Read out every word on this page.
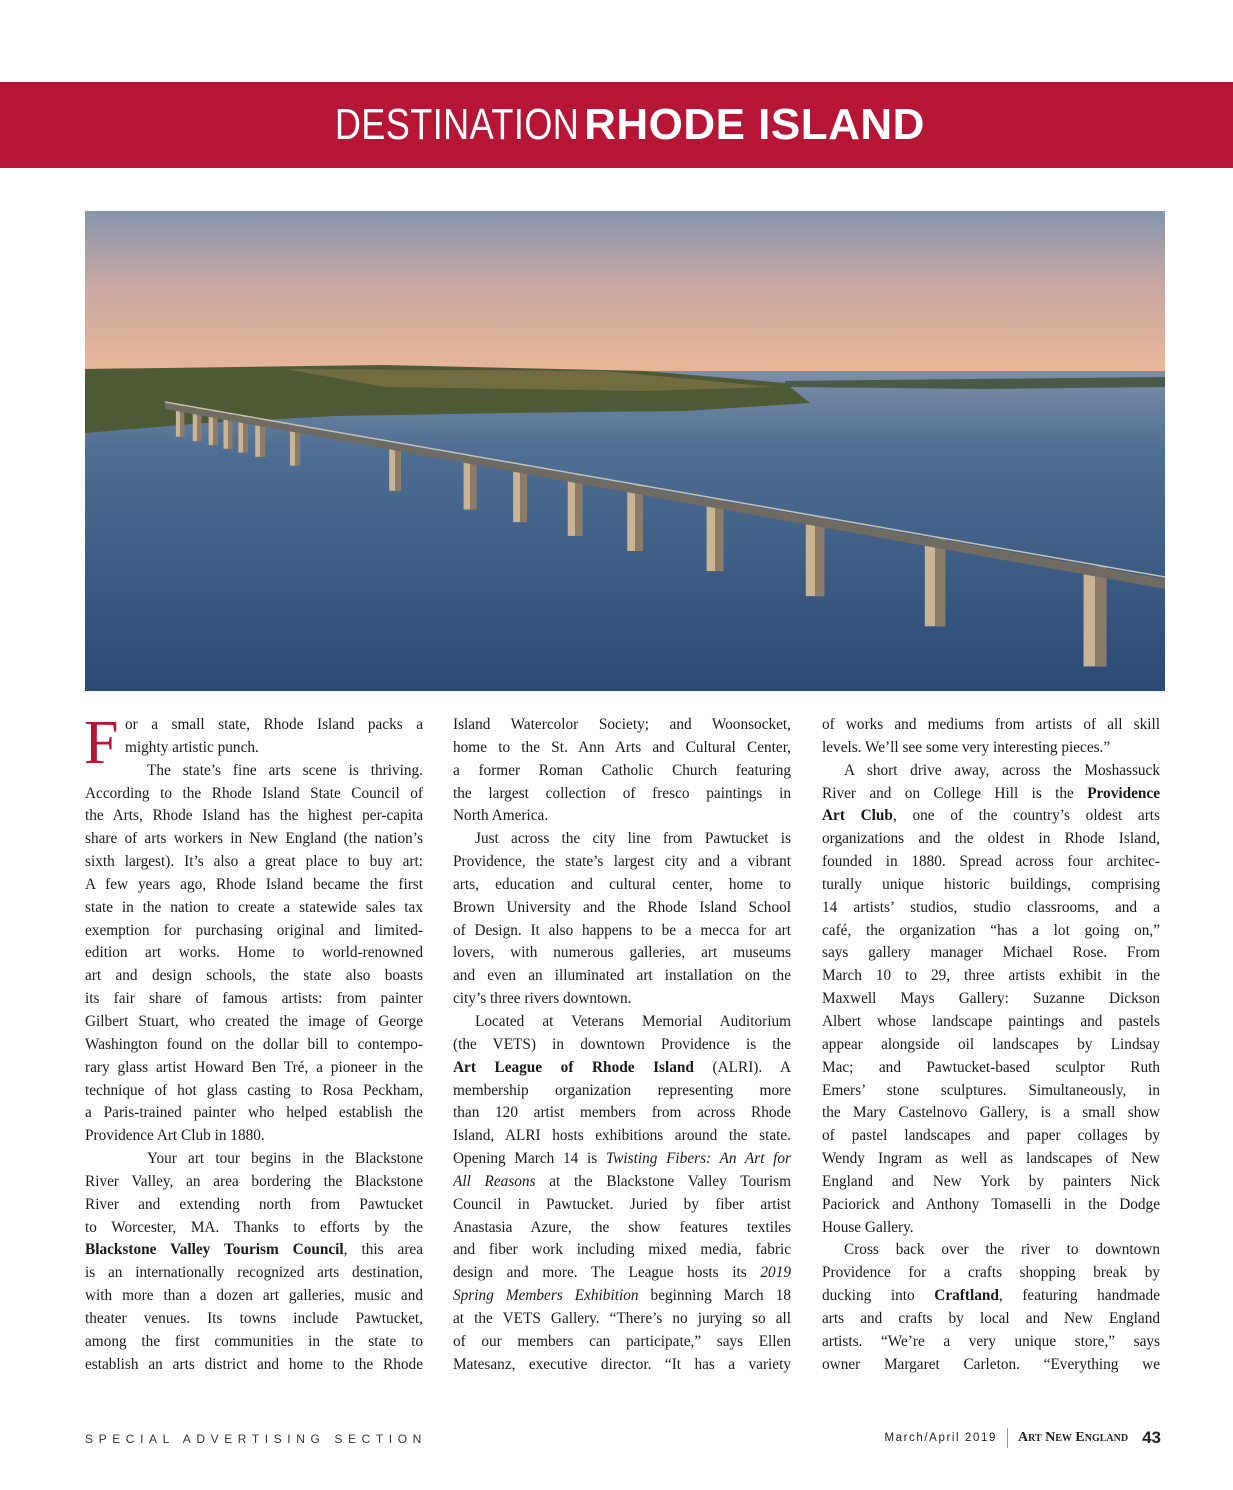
DESTINATION RHODE ISLAND
F or a small state, Rhode Island packs a
mighty artistic punch.
The state’s fine arts scene is thriving.
According to the Rhode Island State Council of
the Arts, Rhode Island has the highest per-capita
share of arts workers in New England (the nation’s
sixth largest). It’s also a great place to buy art:
A few years ago, Rhode Island became the first
state in the nation to create a statewide sales tax
exemption for purchasing original and limited-
edition art works. Home to world-renowned
art and design schools, the state also boasts
its fair share of famous artists: from painter
Gilbert Stuart, who created the image of George
Washington found on the dollar bill to contempo-
rary glass artist Howard Ben Tré, a pioneer in the
technique of hot glass casting to Rosa Peckham,
a Paris-trained painter who helped establish the
Providence Art Club in 1880.
Your art tour begins in the Blackstone
River Valley, an area bordering the Blackstone
River and extending north from Pawtucket
to Worcester, MA. Thanks to efforts by the
Blackstone Valley Tourism Council, this area
is an internationally recognized arts destination,
with more than a dozen art galleries, music and
theater venues. Its towns include Pawtucket,
among the first communities in the state to
establish an arts district and home to the Rhode
Island Watercolor Society; and Woonsocket,
home to the St. Ann Arts and Cultural Center,
a former Roman Catholic Church featuring
the largest collection of fresco paintings in
North America.
Just across the city line from Pawtucket is
Providence, the state’s largest city and a vibrant
arts, education and cultural center, home to
Brown University and the Rhode Island School
of Design. It also happens to be a mecca for art
lovers, with numerous galleries, art museums
and even an illuminated art installation on the
city’s three rivers downtown.
Located at Veterans Memorial Auditorium
(the VETS) in downtown Providence is the
Art League of Rhode Island (ALRI). A
membership organization representing more
than 120 artist members from across Rhode
Island, ALRI hosts exhibitions around the state.
Opening March 14 is Twisting Fibers: An Art for
All Reasons at the Blackstone Valley Tourism
Council in Pawtucket. Juried by fiber artist
Anastasia Azure, the show features textiles
and fiber work including mixed media, fabric
design and more. The League hosts its 2019
Spring Members Exhibition beginning March 18
at the VETS Gallery. “There’s no jurying so all
of our members can participate,” says Ellen
Matesanz, executive director. “It has a variety
of works and mediums from artists of all skill
levels. We’ll see some very interesting pieces.”
A short drive away, across the Moshassuck
River and on College Hill is the Providence
Art Club, one of the country’s oldest arts
organizations and the oldest in Rhode Island,
founded in 1880. Spread across four architec-
turally unique historic buildings, comprising
14 artists’ studios, studio classrooms, and a
café, the organization “has a lot going on,”
says gallery manager Michael Rose. From
March 10 to 29, three artists exhibit in the
Maxwell Mays Gallery: Suzanne Dickson
Albert whose landscape paintings and pastels
appear alongside oil landscapes by Lindsay
Mac; and Pawtucket-based sculptor Ruth
Emers’ stone sculptures. Simultaneously, in
the Mary Castelnovo Gallery, is a small show
of pastel landscapes and paper collages by
Wendy Ingram as well as landscapes of New
England and New York by painters Nick
Paciorick and Anthony Tomaselli in the Dodge
House Gallery.
Cross back over the river to downtown
Providence for a crafts shopping break by
ducking into Craftland, featuring handmade
arts and crafts by local and New England
artists. “We’re a very unique store,” says
owner Margaret Carleton. “Everything we
SPECIAL ADVERTISING SECTION	March/April 2019 Art New England 43
